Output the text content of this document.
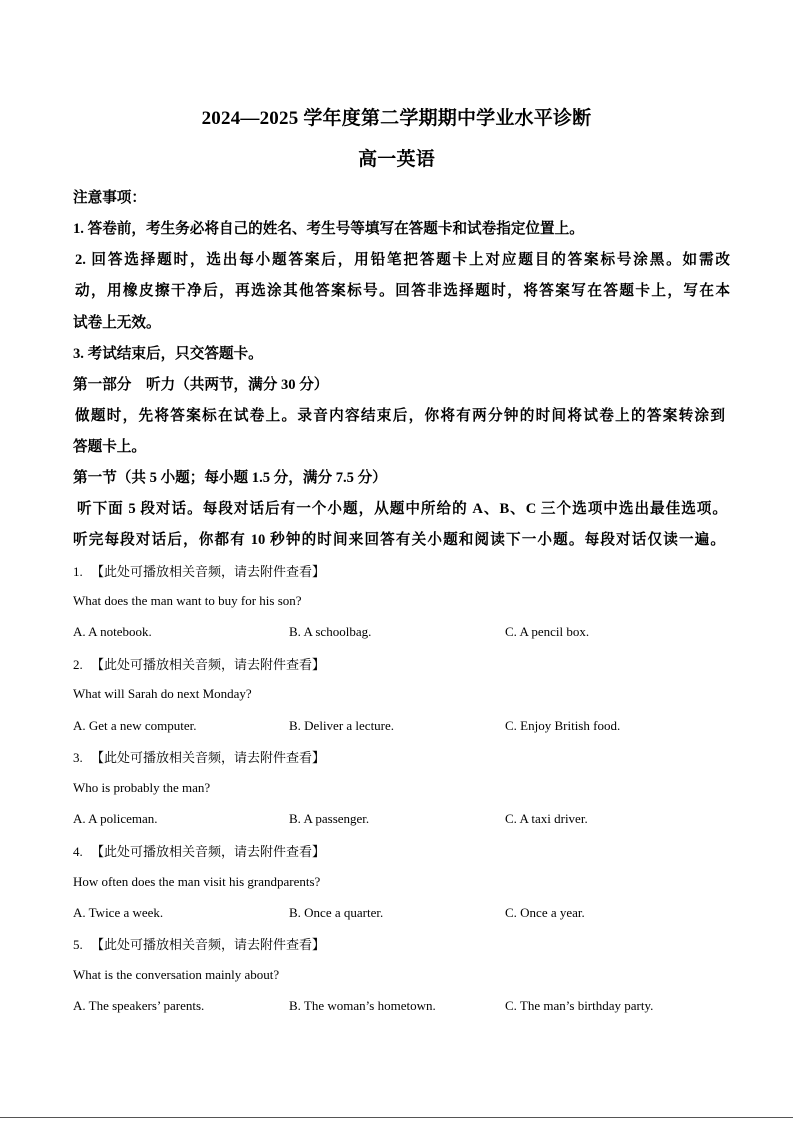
2024—2025 学年度第二学期期中学业水平诊断
高一英语
注意事项：
1. 答卷前，考生务必将自己的姓名、考生号等填写在答题卡和试卷指定位置上。
2. 回答选择题时，选出每小题答案后，用铅笔把答题卡上对应题目的答案标号涂黑。如需改
动，用橡皮擦干净后，再选涂其他答案标号。回答非选择题时，将答案写在答题卡上，写在本
试卷上无效。
3. 考试结束后，只交答题卡。
第一部分　听力（共两节，满分 30 分）
做题时，先将答案标在试卷上。录音内容结束后，你将有两分钟的时间将试卷上的答案转涂到
答题卡上。
第一节（共 5 小题；每小题 1.5 分，满分 7.5 分）
听下面 5 段对话。每段对话后有一个小题，从题中所给的 A、B、C 三个选项中选出最佳选项。
听完每段对话后，你都有 10 秒钟的时间来回答有关小题和阅读下一小题。每段对话仅读一遍。
1. 【此处可播放相关音频，请去附件查看】
What does the man want to buy for his son?
A. A notebook.	B. A schoolbag.	C. A pencil box.
2. 【此处可播放相关音频，请去附件查看】
What will Sarah do next Monday?
A. Get a new computer.	B. Deliver a lecture.	C. Enjoy British food.
3. 【此处可播放相关音频，请去附件查看】
Who is probably the man?
A. A policeman.	B. A passenger.	C. A taxi driver.
4. 【此处可播放相关音频，请去附件查看】
How often does the man visit his grandparents?
A. Twice a week.	B. Once a quarter.	C. Once a year.
5. 【此处可播放相关音频，请去附件查看】
What is the conversation mainly about?
A. The speakers’ parents.	B. The woman’s hometown.	C. The man’s birthday party.
